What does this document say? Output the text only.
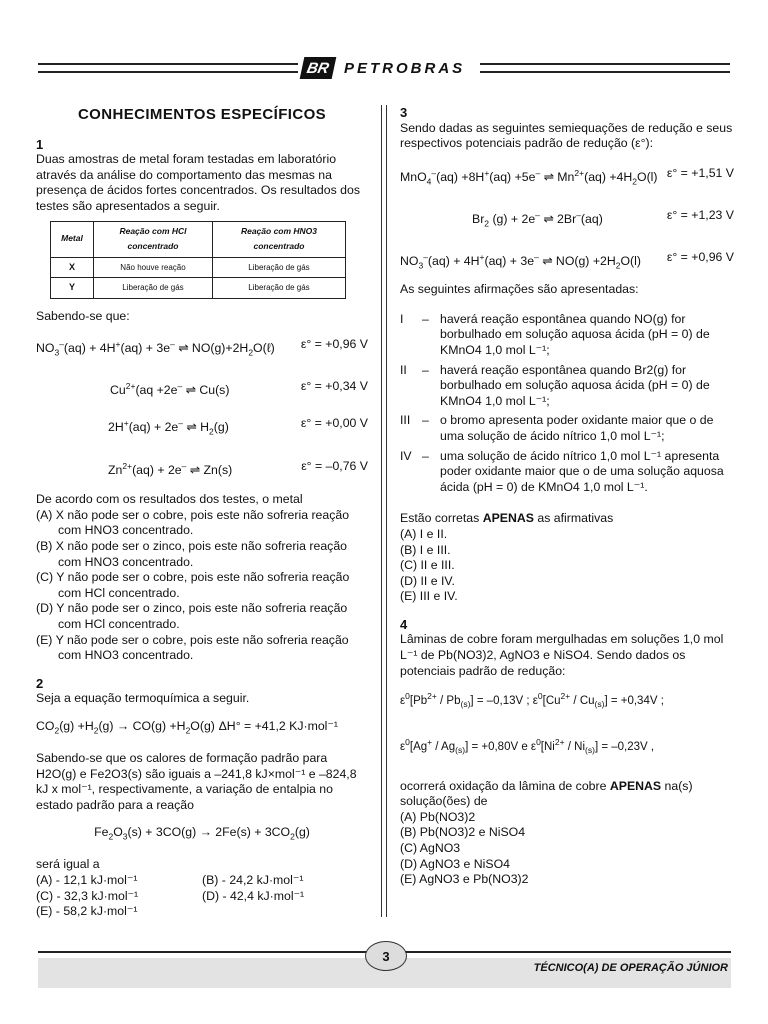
BR PETROBRAS
CONHECIMENTOS ESPECÍFICOS
1

Duas amostras de metal foram testadas em laboratório através da análise do comportamento das mesmas na presença de ácidos fortes concentrados. Os resultados dos testes são apresentados a seguir.

Metal	Reação com HCl concentrado	Reação com HNO3 concentrado
X	Não houve reação	Liberação de gás
Y	Liberação de gás	Liberação de gás

Sabendo-se que:

$NO_3^-(aq) + 4H^+(aq) + 3e^-$ ⇌ $NO(g)+2H_2O(\ell) \varepsilon^\circ = +0,96$ V
$Cu^{2+}(aq +2e^-$ ⇌ Cu(s)	ε° = +0,34 V
2H+(aq) + 2e– ⇌ $H_2(g)$	ε° = +0,00 V
$Zn^{2+}(aq) + 2e^-$ ⇌ Zn(s)	ε° = –0,76 V

De acordo com os resultados dos testes, o metal

(A) X não pode ser o cobre, pois este não sofreria reação com HNO3 concentrado.

(B) X não pode ser o zinco, pois este não sofreria reação com HNO3 concentrado.

(C) Y não pode ser o cobre, pois este não sofreria reação com HCl concentrado.

(D) Y não pode ser o zinco, pois este não sofreria reação com HCl concentrado.

(E) Y não pode ser o cobre, pois este não sofreria reação com HNO3 concentrado.

2

Seja a equação termoquímica a seguir.

$CO_2(g) +H_2(g) \to CO(g) +H_2O(g) \Delta H^\circ = +41,2$ KJ·mol⁻¹

Sabendo-se que os calores de formação padrão para H2O(g) e Fe2O3(s) são iguais a –241,8 kJ×mol⁻¹ e –824,8 kJ x mol⁻¹, respectivamente, a variação de entalpia no estado padrão para a reação

$Fe_2O_3(s) + 3CO(g) \to 2Fe(s) + 3CO_2(g)$

será igual a

(A) - 12,1 kJ·mol⁻¹	(B) - 24,2 kJ·mol⁻¹
(C) - 32,3 kJ·mol⁻¹	(D) - 42,4 kJ·mol⁻¹

(E) - 58,2 kJ·mol⁻¹

3

Sendo dadas as seguintes semiequações de redução e seus respectivos potenciais padrão de redução (ε°):

MnO$_4$–(aq) +8H+(aq) +5e– ⇌ $Mn^{2+}(aq) +4H_2O(l) \varepsilon^\circ = +1,51$ V
$Br_2$ (g) + 2e– ⇌ 2Br–(aq)	ε° = +1,23 V
$NO_3^-(aq) + 4H^+(aq) + 3e^-$ ⇌ $NO(g) +2H_2O(l) \varepsilon^\circ = +0,96$ V

As seguintes afirmações são apresentadas:

I	– haverá reação espontânea quando NO(g) for borbulhado em solução aquosa ácida (pH = 0) de KMnO4 1,0 mol L⁻¹;
II	– haverá reação espontânea quando Br2(g) for borbulhado em solução aquosa ácida (pH = 0) de KMnO4 1,0 mol L⁻¹;
III – o bromo apresenta poder oxidante maior que o de uma solução de ácido nítrico 1,0 mol L⁻¹;
IV – uma solução de ácido nítrico 1,0 mol L⁻¹ apresenta poder oxidante maior que o de uma solução aquosa ácida (pH = 0) de KMnO4 1,0 mol L⁻¹.

Estão corretas APENAS as afirmativas

(A) I e II.

(B) I e III.

(C) II e III.

(D) II e IV.

(E) III e IV.

4

Lâminas de cobre foram mergulhadas em soluções 1,0 mol L⁻¹ de Pb(NO3)2, AgNO3 e NiSO4. Sendo dados os potenciais padrão de redução:

$\varepsilon^0[Pb^{2+} / Pb_{(s)}] = -0,13V$ ; $\varepsilon^0[Cu^{2+} / Cu_{(s)}] = +0,34V$ ;
$\varepsilon^0[Ag^+ / Ag_{(s)}] = +0,80V$ e $\varepsilon^0[Ni^{2+} / Ni_{(s)}] = -0,23V$ ,

ocorrerá oxidação da lâmina de cobre APENAS na(s) solução(ões) de

(A) Pb(NO3)2

(B) Pb(NO3)2 e NiSO4

(C) AgNO3

(D) AgNO3 e NiSO4

(E) AgNO3 e Pb(NO3)2

3
TÉCNICO(A) DE OPERAÇÃO JÚNIOR
